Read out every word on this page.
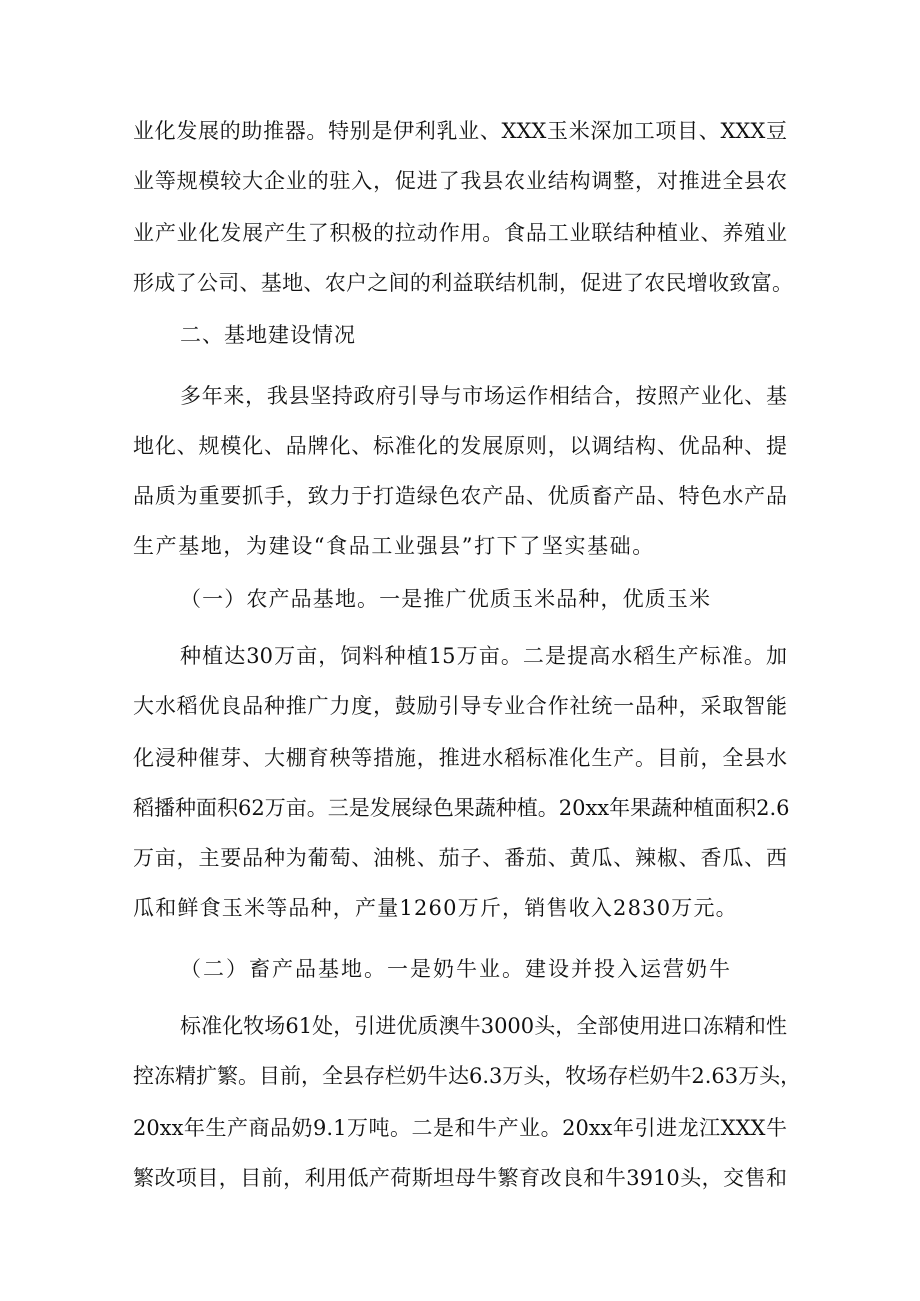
业化发展的助推器。特别是伊利乳业、XXX玉米深加工项目、XXX豆

业等规模较大企业的驻入，促进了我县农业结构调整，对推进全县农

业产业化发展产生了积极的拉动作用。食品工业联结种植业、养殖业

形成了公司、基地、农户之间的利益联结机制，促进了农民增收致富。

二、基地建设情况

多年来，我县坚持政府引导与市场运作相结合，按照产业化、基

地化、规模化、品牌化、标准化的发展原则，以调结构、优品种、提

品质为重要抓手，致力于打造绿色农产品、优质畜产品、特色水产品

生产基地，为建设“食品工业强县”打下了坚实基础。

（一）农产品基地。一是推广优质玉米品种，优质玉米

种植达30万亩，饲料种植15万亩。二是提高水稻生产标准。加

大水稻优良品种推广力度，鼓励引导专业合作社统一品种，采取智能

化浸种催芽、大棚育秧等措施，推进水稻标准化生产。目前，全县水

稻播种面积62万亩。三是发展绿色果蔬种植。20xx年果蔬种植面积2.6

万亩，主要品种为葡萄、油桃、茄子、番茄、黄瓜、辣椒、香瓜、西

瓜和鲜食玉米等品种，产量1260万斤，销售收入2830万元。

（二）畜产品基地。一是奶牛业。建设并投入运营奶牛

标准化牧场61处，引进优质澳牛3000头，全部使用进口冻精和性

控冻精扩繁。目前，全县存栏奶牛达6.3万头，牧场存栏奶牛2.63万头，

20xx年生产商品奶9.1万吨。二是和牛产业。20xx年引进龙江XXX牛

繁改项目，目前，利用低产荷斯坦母牛繁育改良和牛3910头，交售和
